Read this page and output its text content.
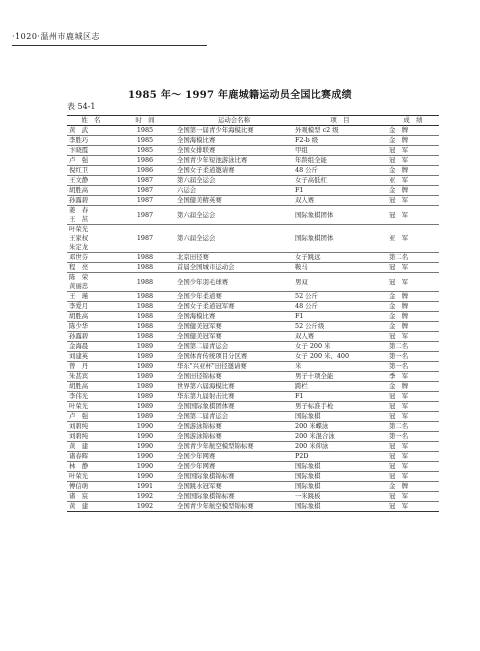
·1020·温州市鹿城区志
1985 年～ 1997 年鹿城籍运动员全国比赛成绩
表 54-1
姓　名	时　间	运动会名称	项　目	成　绩

黄　武	1985	全国第一届青少年海模比赛	外观模型 c2 级	金　牌

李胜巧	1985	全国海模比赛	F2-b 级	金　牌

卞晓霞	1985	全国女排联赛	甲组	冠　军

卢　强	1986	全国青少年短池游泳比赛	年龄组全能	冠　军

倪红卫	1986	全国女子柔道邀请赛	48 公斤	金　牌

王文静	1987	第六届全运会	女子高低杠	亚　军

胡胜高	1987	六运会	F1	金　牌

孙露碧	1987	全国健美精英赛	双人赛	冠　军

姜　春
王　茁	1987	第六届全运会	国际象棋团体	冠　军

叶荣光
王家权
朱定龙	1987	第六届全运会	国际象棋团体	亚　军

邓世芬	1988	北京田径赛	女子跳远	第二名

程　亮	1988	首届全国城市运动会	鞍马	冠　军

陈　荣
黄丽忠	1988	全国少年羽毛球赛	男双	冠　军

王　瑾	1988	全国少年柔道赛	52 公斤	金　牌

李爱月	1988	全国女子柔道冠军赛	48 公斤	金　牌

胡胜高	1988	全国海模比赛	F1	金　牌

陈少华	1988	全国健美冠军赛	52 公斤级	金　牌

孙露碧	1988	全国健美冠军赛	双人赛	冠　军

金海晨	1989	全国第二届青运会	女子 200 米	第二名

刘建英	1989	全国体育传统项目分区赛	女子 200 米、400	第一名

曾　丹	1989	华东"兴亚杯"田径邀请赛	米	第一名

朱甚宾	1989	全国田径锦标赛	男子十项全能	季　军

胡胜高	1989	世界第六届海模比赛	跨栏	金　牌

李伟光	1989	华东第九届射击比赛	F1	冠　军

叶荣光	1989	全国国际象棋团体赛	男子标准手枪	冠　军

卢　强	1989	全国第二届青运会	国际象棋	冠　军

刘碧纯	1990	全国游泳锦标赛	200 米蝶泳	第二名

刘碧纯	1990	全国游泳锦标赛	200 米混合泳	第一名

黄　建	1990	全国青少年航空模型锦标赛	200 米仰泳	冠　军

诸春晖	1990	全国少年网赛	P2D	冠　军

林　静	1990	全国少年网赛	国际象棋	冠　军

叶荣光	1990	全国国际象棋锦标赛	国际象棋	冠　军

傅信萌	1991	全国跳水冠军赛	国际象棋	金　牌

诸　宸	1992	全国国际象棋锦标赛	一米跳板	冠　军

黄　建	1992	全国青少年航空模型锦标赛	国际象棋	冠　军
